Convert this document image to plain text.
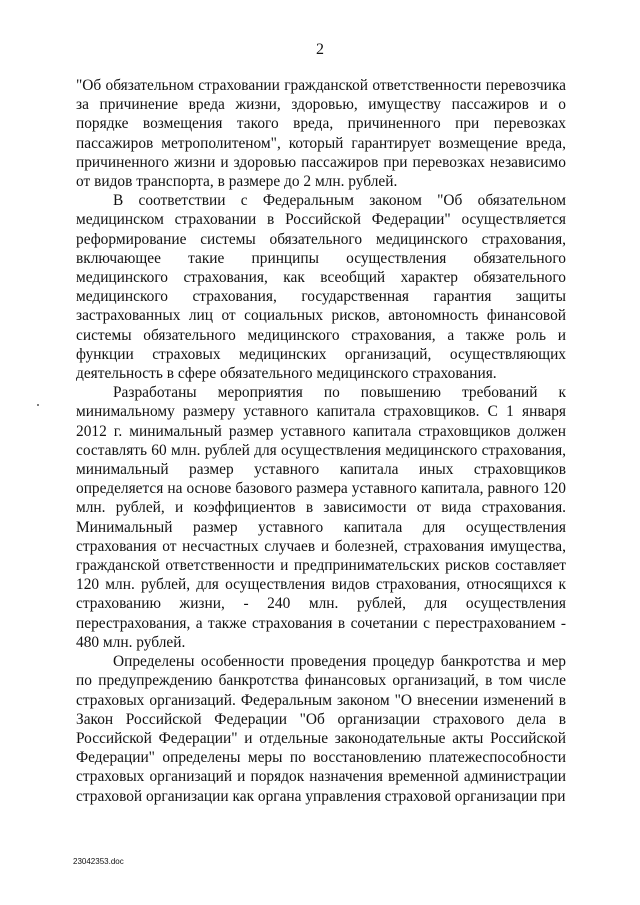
2

"Об обязательном страховании гражданской ответственности перевозчика за причинение вреда жизни, здоровью, имуществу пассажиров и о порядке возмещения такого вреда, причиненного при перевозках пассажиров метрополитеном", который гарантирует возмещение вреда, причиненного жизни и здоровью пассажиров при перевозках независимо от видов транспорта, в размере до 2 млн. рублей.

В соответствии с Федеральным законом "Об обязательном медицинском страховании в Российской Федерации" осуществляется реформирование системы обязательного медицинского страхования, включающее такие принципы осуществления обязательного медицинского страхования, как всеобщий характер обязательного медицинского страхования, государственная гарантия защиты застрахованных лиц от социальных рисков, автономность финансовой системы обязательного медицинского страхования, а также роль и функции страховых медицинских организаций, осуществляющих деятельность в сфере обязательного медицинского страхования.

Разработаны мероприятия по повышению требований к минимальному размеру уставного капитала страховщиков. С 1 января 2012 г. минимальный размер уставного капитала страховщиков должен составлять 60 млн. рублей для осуществления медицинского страхования, минимальный размер уставного капитала иных страховщиков определяется на основе базового размера уставного капитала, равного 120 млн. рублей, и коэффициентов в зависимости от вида страхования. Минимальный размер уставного капитала для осуществления страхования от несчастных случаев и болезней, страхования имущества, гражданской ответственности и предпринимательских рисков составляет 120 млн. рублей, для осуществления видов страхования, относящихся к страхованию жизни, - 240 млн. рублей, для осуществления перестрахования, а также страхования в сочетании с перестрахованием - 480 млн. рублей.

Определены особенности проведения процедур банкротства и мер по предупреждению банкротства финансовых организаций, в том числе страховых организаций. Федеральным законом "О внесении изменений в Закон Российской Федерации "Об организации страхового дела в Российской Федерации" и отдельные законодательные акты Российской Федерации" определены меры по восстановлению платежеспособности страховых организаций и порядок назначения временной администрации страховой организации как органа управления страховой организации при

23042353.doc
